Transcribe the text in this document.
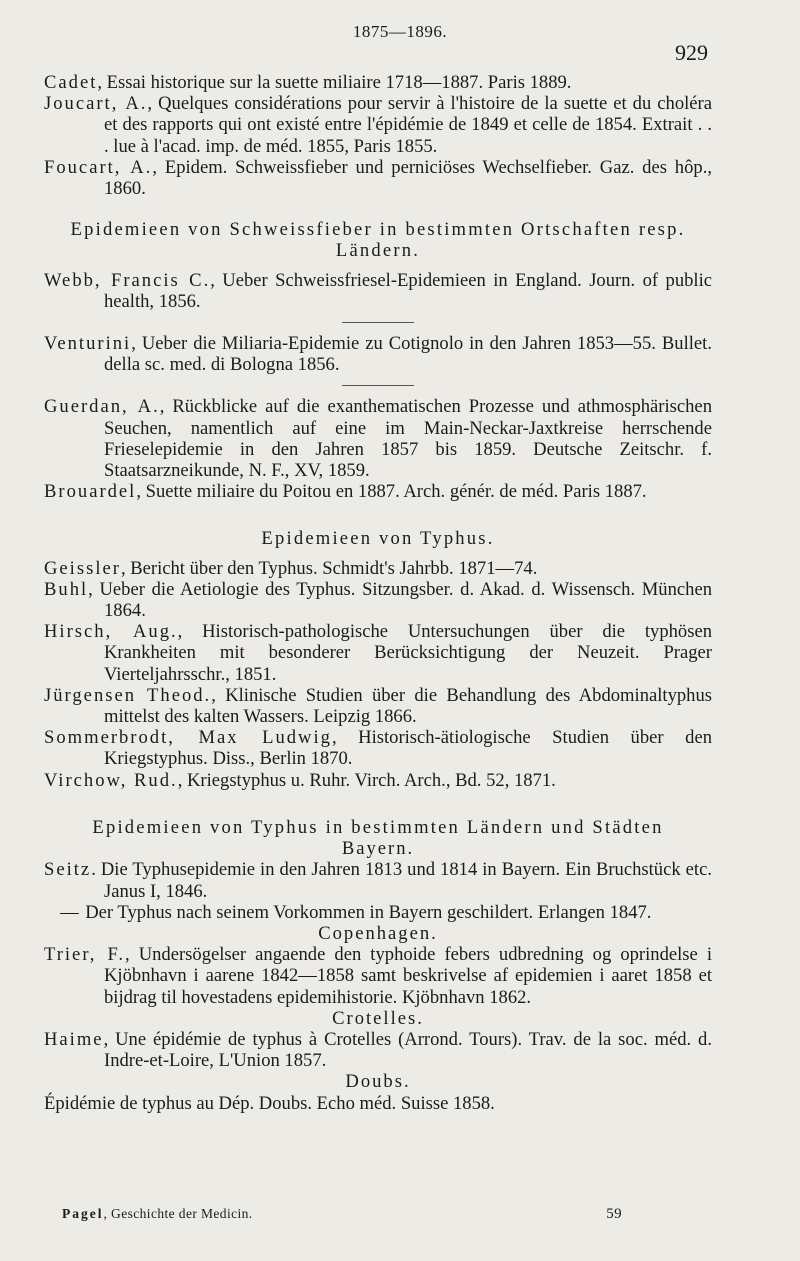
1875—1896.
929
Cadet, Essai historique sur la suette miliaire 1718—1887. Paris 1889.
Joucart, A., Quelques considérations pour servir à l'histoire de la suette et du choléra et des rapports qui ont existé entre l'épidémie de 1849 et celle de 1854. Extrait . . . lue à l'acad. imp. de méd. 1855, Paris 1855.
Foucart, A., Epidem. Schweissfieber und perniciöses Wechselfieber. Gaz. des hôp., 1860.
Epidemieen von Schweissfieber in bestimmten Ortschaften resp. Ländern.
Webb, Francis C., Ueber Schweissfriesel-Epidemieen in England. Journ. of public health, 1856.
Venturini, Ueber die Miliaria-Epidemie zu Cotignolo in den Jahren 1853—55. Bullet. della sc. med. di Bologna 1856.
Guerdan, A., Rückblicke auf die exanthematischen Prozesse und athmosphärischen Seuchen, namentlich auf eine im Main-Neckar-Jaxtkreise herrschende Frieselepidemie in den Jahren 1857 bis 1859. Deutsche Zeitschr. f. Staatsarzneikunde, N. F., XV, 1859.
Brouardel, Suette miliaire du Poitou en 1887. Arch. génér. de méd. Paris 1887.
Epidemieen von Typhus.
Geissler, Bericht über den Typhus. Schmidt's Jahrbb. 1871—74.
Buhl, Ueber die Aetiologie des Typhus. Sitzungsber. d. Akad. d. Wissensch. München 1864.
Hirsch, Aug., Historisch-pathologische Untersuchungen über die typhösen Krankheiten mit besonderer Berücksichtigung der Neuzeit. Prager Vierteljahrsschr., 1851.
Jürgensen Theod., Klinische Studien über die Behandlung des Abdominaltyphus mittelst des kalten Wassers. Leipzig 1866.
Sommerbrodt, Max Ludwig, Historisch-ätiologische Studien über den Kriegstyphus. Diss., Berlin 1870.
Virchow, Rud., Kriegstyphus u. Ruhr. Virch. Arch., Bd. 52, 1871.
Epidemieen von Typhus in bestimmten Ländern und Städten
Bayern.
Seitz. Die Typhusepidemie in den Jahren 1813 und 1814 in Bayern. Ein Bruchstück etc. Janus I, 1846.
— Der Typhus nach seinem Vorkommen in Bayern geschildert. Erlangen 1847.
Copenhagen.
Trier, F., Undersögelser angaende den typhoide febers udbredning og oprindelse i Kjöbnhavn i aarene 1842—1858 samt beskrivelse af epidemien i aaret 1858 et bijdrag til hovestadens epidemihistorie. Kjöbnhavn 1862.
Crotelles.
Haime, Une épidémie de typhus à Crotelles (Arrond. Tours). Trav. de la soc. méd. d. Indre-et-Loire, L'Union 1857.
Doubs.
Épidémie de typhus au Dép. Doubs. Echo méd. Suisse 1858.
Pagel, Geschichte der Medicin.	59
